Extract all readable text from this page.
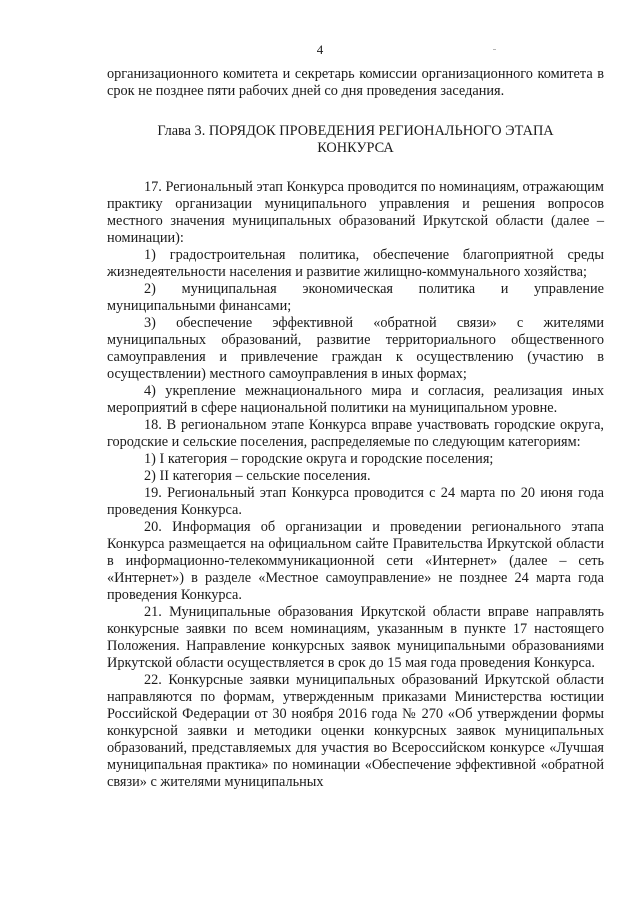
4

организационного комитета и секретарь комиссии организационного комитета в срок не позднее пяти рабочих дней со дня проведения заседания.

Глава 3. ПОРЯДОК ПРОВЕДЕНИЯ РЕГИОНАЛЬНОГО ЭТАПА
КОНКУРСА

17. Региональный этап Конкурса проводится по номинациям, отражающим практику организации муниципального управления и решения вопросов местного значения муниципальных образований Иркутской области (далее – номинации):

1) градостроительная политика, обеспечение благоприятной среды жизнедеятельности населения и развитие жилищно-коммунального хозяйства;

2) муниципальная экономическая политика и управление муниципальными финансами;

3) обеспечение эффективной «обратной связи» с жителями муниципальных образований, развитие территориального общественного самоуправления и привлечение граждан к осуществлению (участию в осуществлении) местного самоуправления в иных формах;

4) укрепление межнационального мира и согласия, реализация иных мероприятий в сфере национальной политики на муниципальном уровне.

18. В региональном этапе Конкурса вправе участвовать городские округа, городские и сельские поселения, распределяемые по следующим категориям:

1) I категория – городские округа и городские поселения;

2) II категория – сельские поселения.

19. Региональный этап Конкурса проводится с 24 марта по 20 июня года проведения Конкурса.

20. Информация об организации и проведении регионального этапа Конкурса размещается на официальном сайте Правительства Иркутской области в информационно-телекоммуникационной сети «Интернет» (далее – сеть «Интернет») в разделе «Местное самоуправление» не позднее 24 марта года проведения Конкурса.

21. Муниципальные образования Иркутской области вправе направлять конкурсные заявки по всем номинациям, указанным в пункте 17 настоящего Положения. Направление конкурсных заявок муниципальными образованиями Иркутской области осуществляется в срок до 15 мая года проведения Конкурса.

22. Конкурсные заявки муниципальных образований Иркутской области направляются по формам, утвержденным приказами Министерства юстиции Российской Федерации от 30 ноября 2016 года № 270 «Об утверждении формы конкурсной заявки и методики оценки конкурсных заявок муниципальных образований, представляемых для участия во Всероссийском конкурсе «Лучшая муниципальная практика» по номинации «Обеспечение эффективной «обратной связи» с жителями муниципальных
